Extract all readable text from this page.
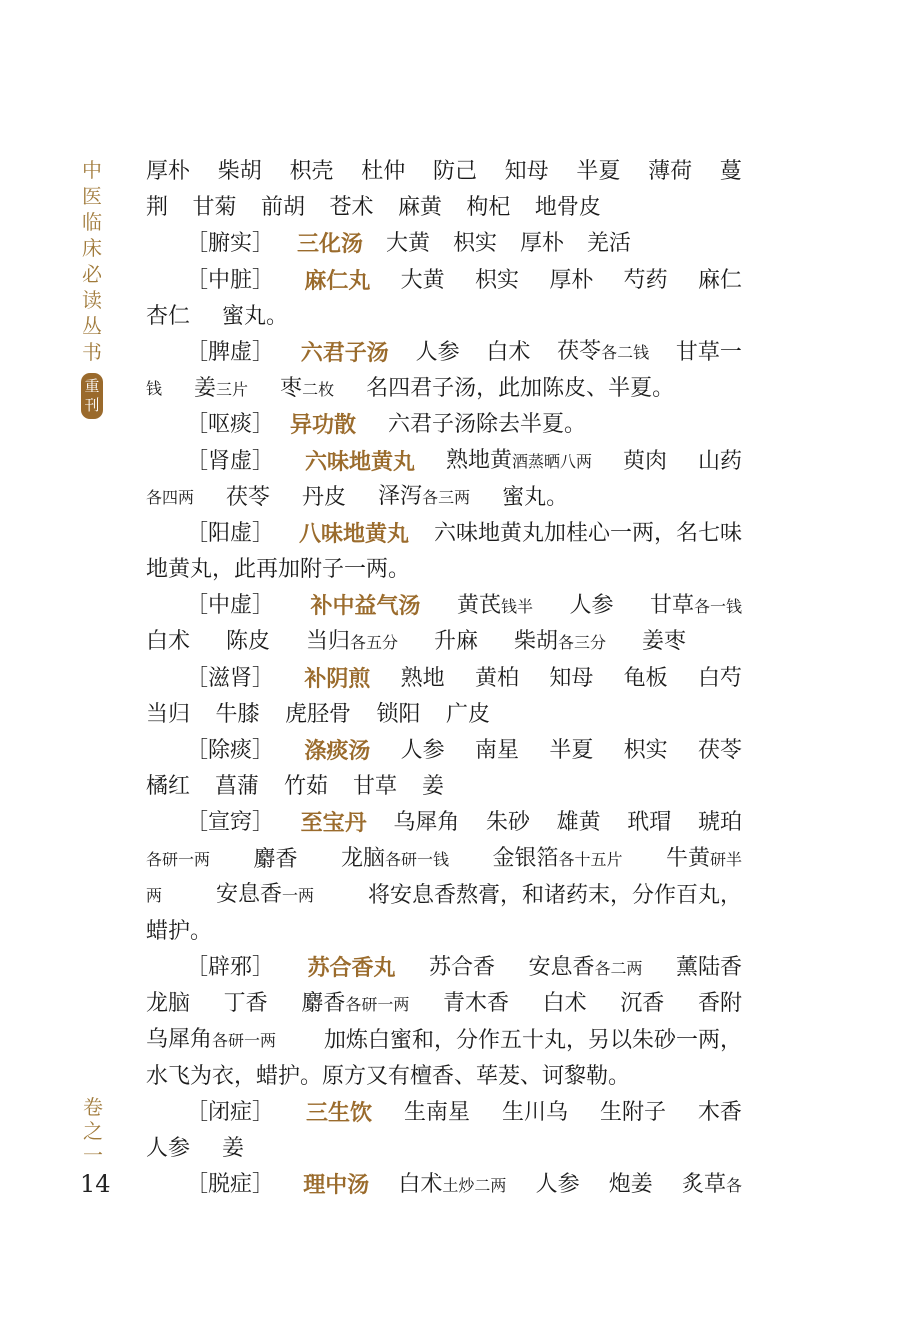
中
医
临
床
必
读
丛
书
重
刊
卷
之
一
14
厚朴 柴胡 枳壳 杜仲 防己 知母 半夏 薄荷 蔓
荆 甘菊 前胡 苍术 麻黄 枸杞 地骨皮
［腑实］ 三化汤 大黄 枳实 厚朴 羌活
［中脏］ 麻仁丸 大黄 枳实 厚朴 芍药 麻仁
杏仁 蜜丸。
［脾虚］ 六君子汤 人参 白术 茯苓各二钱 甘草一
钱 姜三片 枣二枚 名四君子汤，此加陈皮、半夏。
［呕痰］ 异功散 六君子汤除去半夏。
［肾虚］ 六味地黄丸 熟地黄酒蒸晒八两 萸肉 山药
各四两 茯苓 丹皮 泽泻各三两 蜜丸。
［阳虚］ 八味地黄丸 六味地黄丸加桂心一两，名七味
地黄丸，此再加附子一两。
［中虚］ 补中益气汤 黄芪钱半 人参 甘草各一钱
白术 陈皮 当归各五分 升麻 柴胡各三分 姜枣
［滋肾］ 补阴煎 熟地 黄柏 知母 龟板 白芍
当归 牛膝 虎胫骨 锁阳 广皮
［除痰］ 涤痰汤 人参 南星 半夏 枳实 茯苓
橘红 菖蒲 竹茹 甘草 姜
［宣窍］ 至宝丹 乌犀角 朱砂 雄黄 玳瑁 琥珀
各研一两 麝香 龙脑各研一钱 金银箔各十五片 牛黄研半
两 安息香一两 将安息香熬膏，和诸药末，分作百丸，
蜡护。
［辟邪］ 苏合香丸 苏合香 安息香各二两 薰陆香
龙脑 丁香 麝香各研一两 青木香 白术 沉香 香附
乌犀角各研一两 加炼白蜜和，分作五十丸，另以朱砂一两，
水飞为衣，蜡护。原方又有檀香、荜茇、诃黎勒。
［闭症］ 三生饮 生南星 生川乌 生附子 木香
人参 姜
［脱症］ 理中汤 白术土炒二两 人参 炮姜 炙草各
